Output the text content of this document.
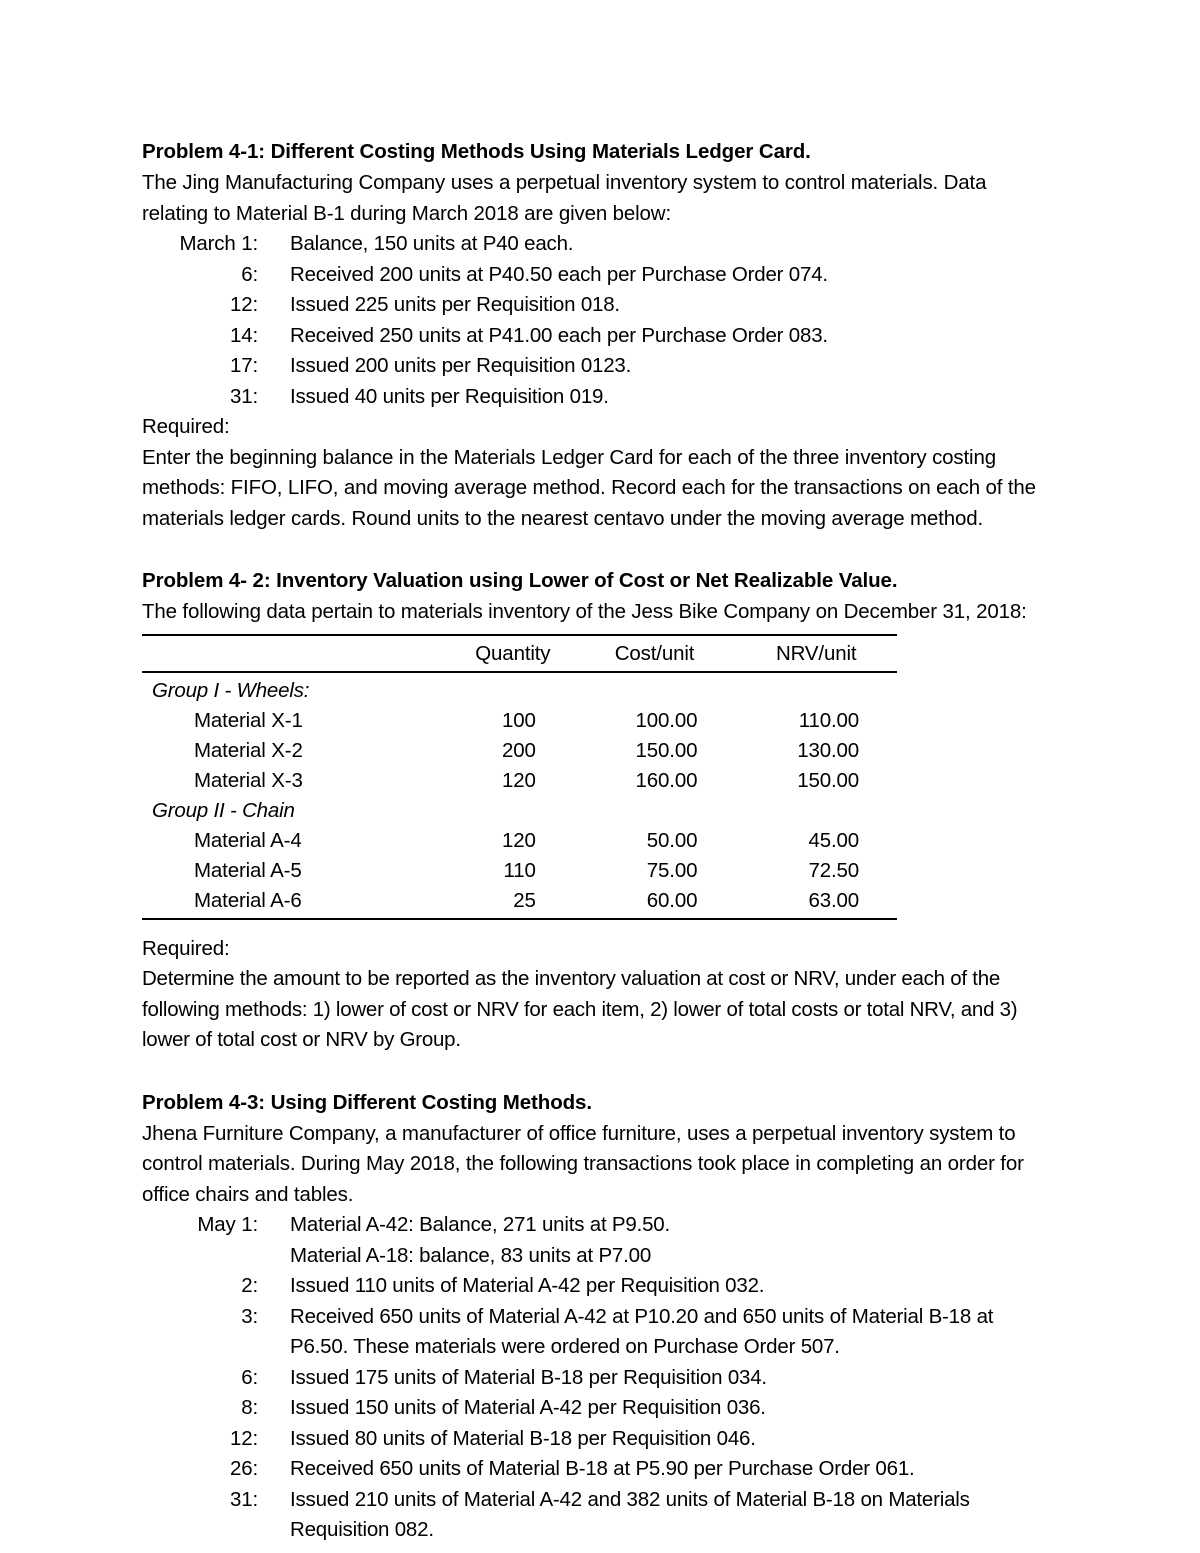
Problem 4-1: Different Costing Methods Using Materials Ledger Card.

The Jing Manufacturing Company uses a perpetual inventory system to control materials. Data relating to Material B-1 during March 2018 are given below:

March 1:	Balance, 150 units at P40 each.
6:	Received 200 units at P40.50 each per Purchase Order 074.
12:	Issued 225 units per Requisition 018.
14:	Received 250 units at P41.00 each per Purchase Order 083.
17:	Issued 200 units per Requisition 0123.
31:	Issued 40 units per Requisition 019.

Required:

Enter the beginning balance in the Materials Ledger Card for each of the three inventory costing methods: FIFO, LIFO, and moving average method. Record each for the transactions on each of the materials ledger cards. Round units to the nearest centavo under the moving average method.

Problem 4- 2: Inventory Valuation using Lower of Cost or Net Realizable Value.

The following data pertain to materials inventory of the Jess Bike Company on December 31, 2018:

	Quantity	Cost/unit	NRV/unit
Group I - Wheels:			
Material X-1	100	100.00	110.00
Material X-2	200	150.00	130.00
Material X-3	120	160.00	150.00
Group II - Chain			
Material A-4	120	50.00	45.00
Material A-5	110	75.00	72.50
Material A-6	25	60.00	63.00

Required:

Determine the amount to be reported as the inventory valuation at cost or NRV, under each of the following methods: 1) lower of cost or NRV for each item, 2) lower of total costs or total NRV, and 3) lower of total cost or NRV by Group.

Problem 4-3: Using Different Costing Methods.

Jhena Furniture Company, a manufacturer of office furniture, uses a perpetual inventory system to control materials. During May 2018, the following transactions took place in completing an order for office chairs and tables.

May 1:	Material A-42: Balance, 271 units at P9.50.
Material A-18: balance, 83 units at P7.00
2:	Issued 110 units of Material A-42 per Requisition 032.
3:	Received 650 units of Material A-42 at P10.20 and 650 units of Material B-18 at P6.50. These materials were ordered on Purchase Order 507.
6:	Issued 175 units of Material B-18 per Requisition 034.
8:	Issued 150 units of Material A-42 per Requisition 036.
12:	Issued 80 units of Material B-18 per Requisition 046.
26:	Received 650 units of Material B-18 at P5.90 per Purchase Order 061.
31:	Issued 210 units of Material A-42 and 382 units of Material B-18 on Materials Requisition 082.
